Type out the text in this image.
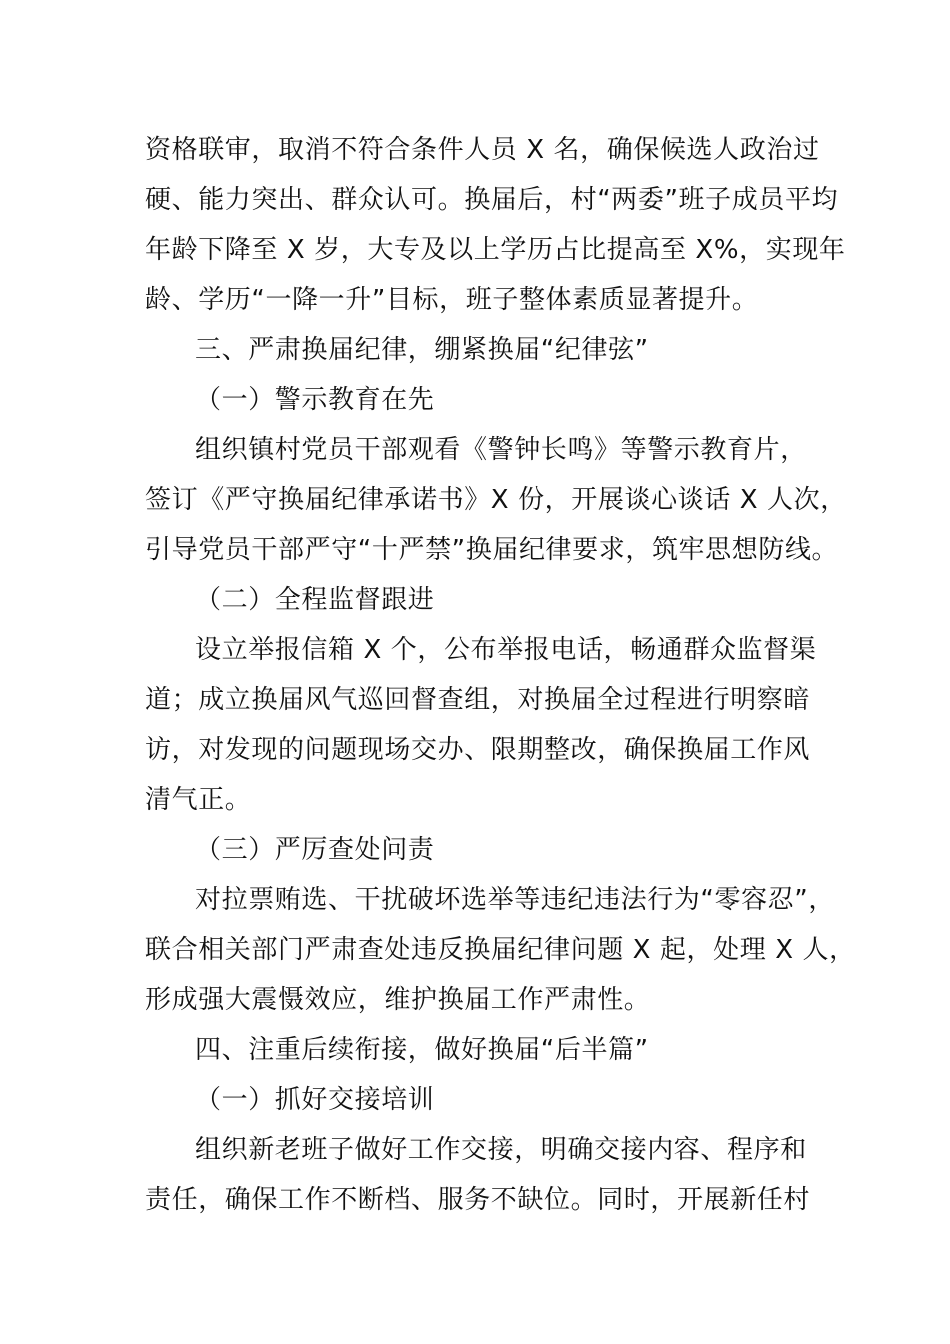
资格联审，取消不符合条件人员 X 名，确保候选人政治过
硬、能力突出、群众认可。换届后，村“两委”班子成员平均
年龄下降至 X 岁，大专及以上学历占比提高至 X%，实现年
龄、学历“一降一升”目标，班子整体素质显著提升。
三、严肃换届纪律，绷紧换届“纪律弦”
（一）警示教育在先
组织镇村党员干部观看《警钟长鸣》等警示教育片，
签订《严守换届纪律承诺书》X 份，开展谈心谈话 X 人次，
引导党员干部严守“十严禁”换届纪律要求，筑牢思想防线。
（二）全程监督跟进
设立举报信箱 X 个，公布举报电话，畅通群众监督渠
道；成立换届风气巡回督查组，对换届全过程进行明察暗
访，对发现的问题现场交办、限期整改，确保换届工作风
清气正。
（三）严厉查处问责
对拉票贿选、干扰破坏选举等违纪违法行为“零容忍”，
联合相关部门严肃查处违反换届纪律问题 X 起，处理 X 人，
形成强大震慑效应，维护换届工作严肃性。
四、注重后续衔接，做好换届“后半篇”
（一）抓好交接培训
组织新老班子做好工作交接，明确交接内容、程序和
责任，确保工作不断档、服务不缺位。同时，开展新任村
